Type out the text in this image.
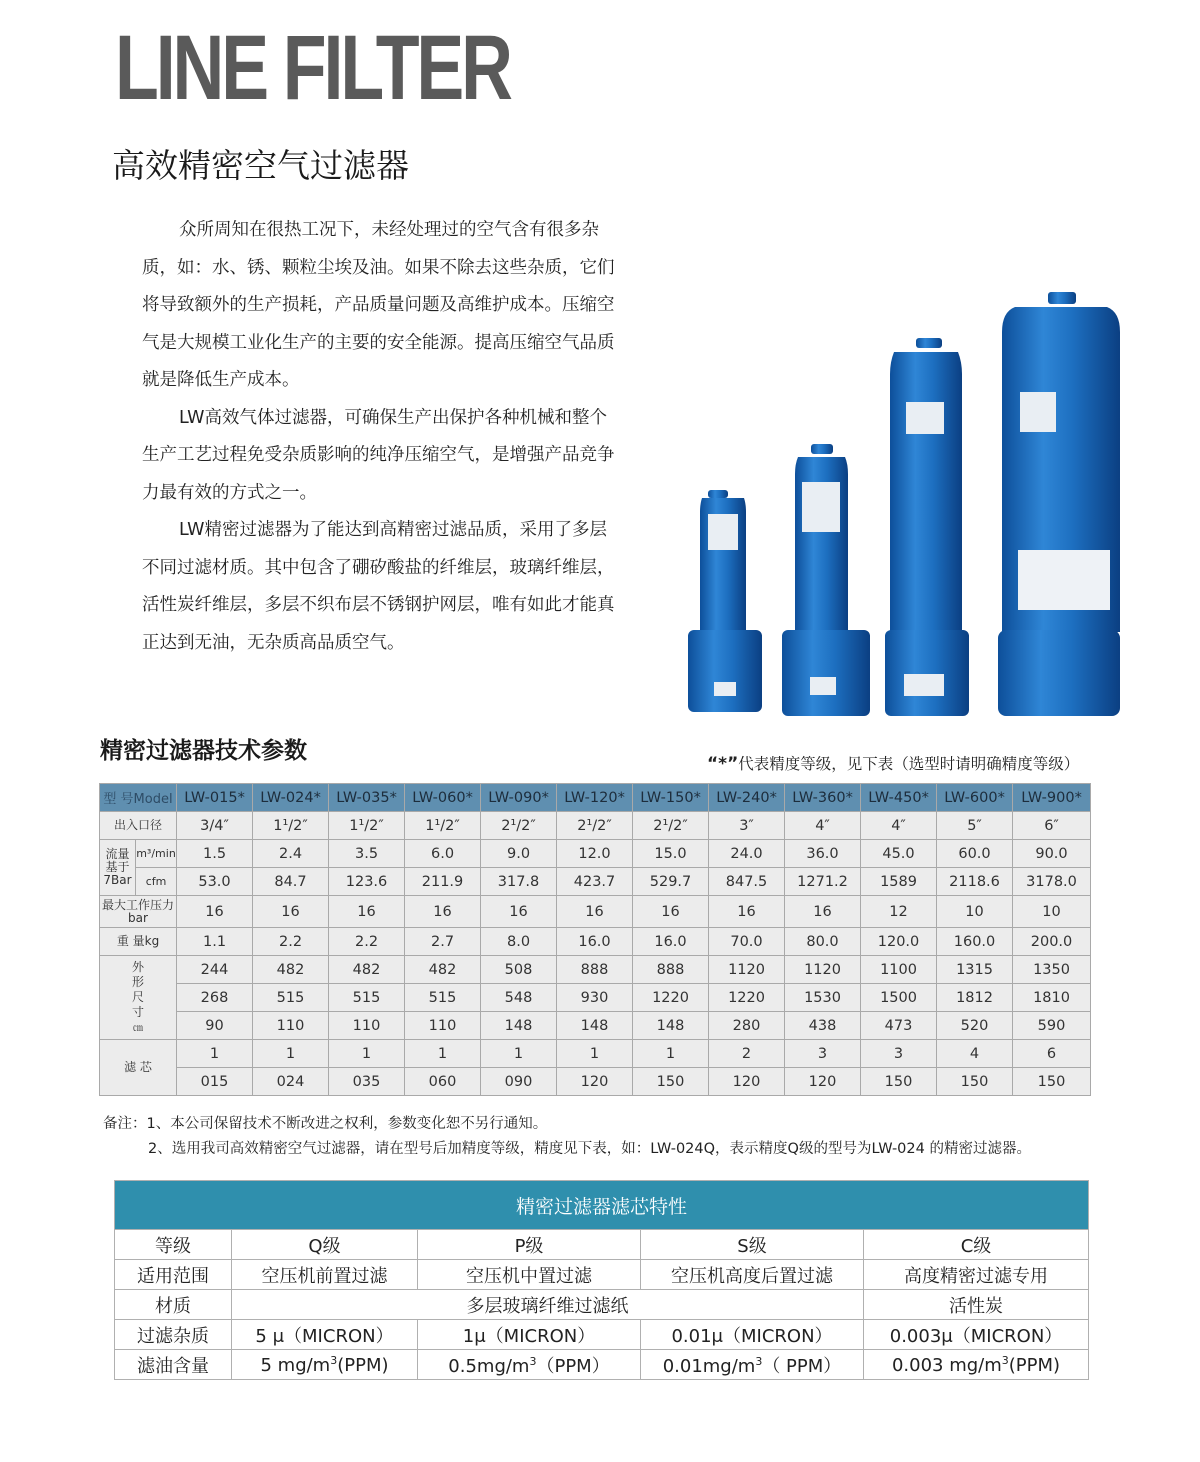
LINE FILTER
高效精密空气过滤器

众所周知在很热工况下，未经处理过的空气含有很多杂质，如：水、锈、颗粒尘埃及油。如果不除去这些杂质，它们将导致额外的生产损耗，产品质量问题及高维护成本。压缩空气是大规模工业化生产的主要的安全能源。提高压缩空气品质就是降低生产成本。

LW高效气体过滤器，可确保生产出保护各种机械和整个生产工艺过程免受杂质影响的纯净压缩空气，是增强产品竞争力最有效的方式之一。

LW精密过滤器为了能达到高精密过滤品质，采用了多层不同过滤材质。其中包含了硼矽酸盐的纤维层，玻璃纤维层，活性炭纤维层，多层不织布层不锈钢护网层，唯有如此才能真正达到无油，无杂质高品质空气。

精密过滤器技术参数	“*”代表精度等级，见下表（选型时请明确精度等级）
型 号Model		LW-015*	LW-024*	LW-035*	LW-060*	LW-090*	LW-120*	LW-150*	LW-240*	LW-360*	LW-450*	LW-600*	LW-900*
出入口径		3/4″	1¹/2″	1¹/2″	1¹/2″	2¹/2″	2¹/2″	2¹/2″	3″	4″	4″	5″	6″
流量基于7Bar	m³/min	1.5	2.4	3.5	6.0	9.0	12.0	15.0	24.0	36.0	45.0	60.0	90.0
	cfm	53.0	84.7	123.6	211.9	317.8	423.7	529.7	847.5	1271.2	1589	2118.6	3178.0
最大工作压力bar		16	16	16	16	16	16	16	16	16	12	10	10
重 量kg		1.1	2.2	2.2	2.7	8.0	16.0	16.0	70.0	80.0	120.0	160.0	200.0

外形尺寸
㎝		244	482	482	482	508	888	888	1120	1120	1100	1315	1350
		268	515	515	515	548	930	1220	1220	1530	1500	1812	1810
		90	110	110	110	148	148	148	280	438	473	520	590
滤 芯		1	1	1	1	1	1	1	2	3	3	4	6
		015	024	035	060	090	120	150	120	120	150	150	150
备注：1、本公司保留技术不断改进之权利，参数变化恕不另行通知。
2、选用我司高效精密空气过滤器，请在型号后加精度等级，精度见下表，如：LW-024Q，表示精度Q级的型号为LW-024 的精密过滤器。
精密过滤器滤芯特性				
等级	Q级	P级	S级	C级
适用范围	空压机前置过滤	空压机中置过滤	空压机高度后置过滤	高度精密过滤专用
材质	多层玻璃纤维过滤纸			活性炭
过滤杂质	5 μ（MICRON）	1μ（MICRON）	0.01μ（MICRON）	0.003μ（MICRON）
滤油含量	5 $mg/m^3(PPM)$	$0.5mg/m^3(PPM)$	$0.01mg/m^3$（ PPM）	0.003 $mg/m^3(PPM)$
